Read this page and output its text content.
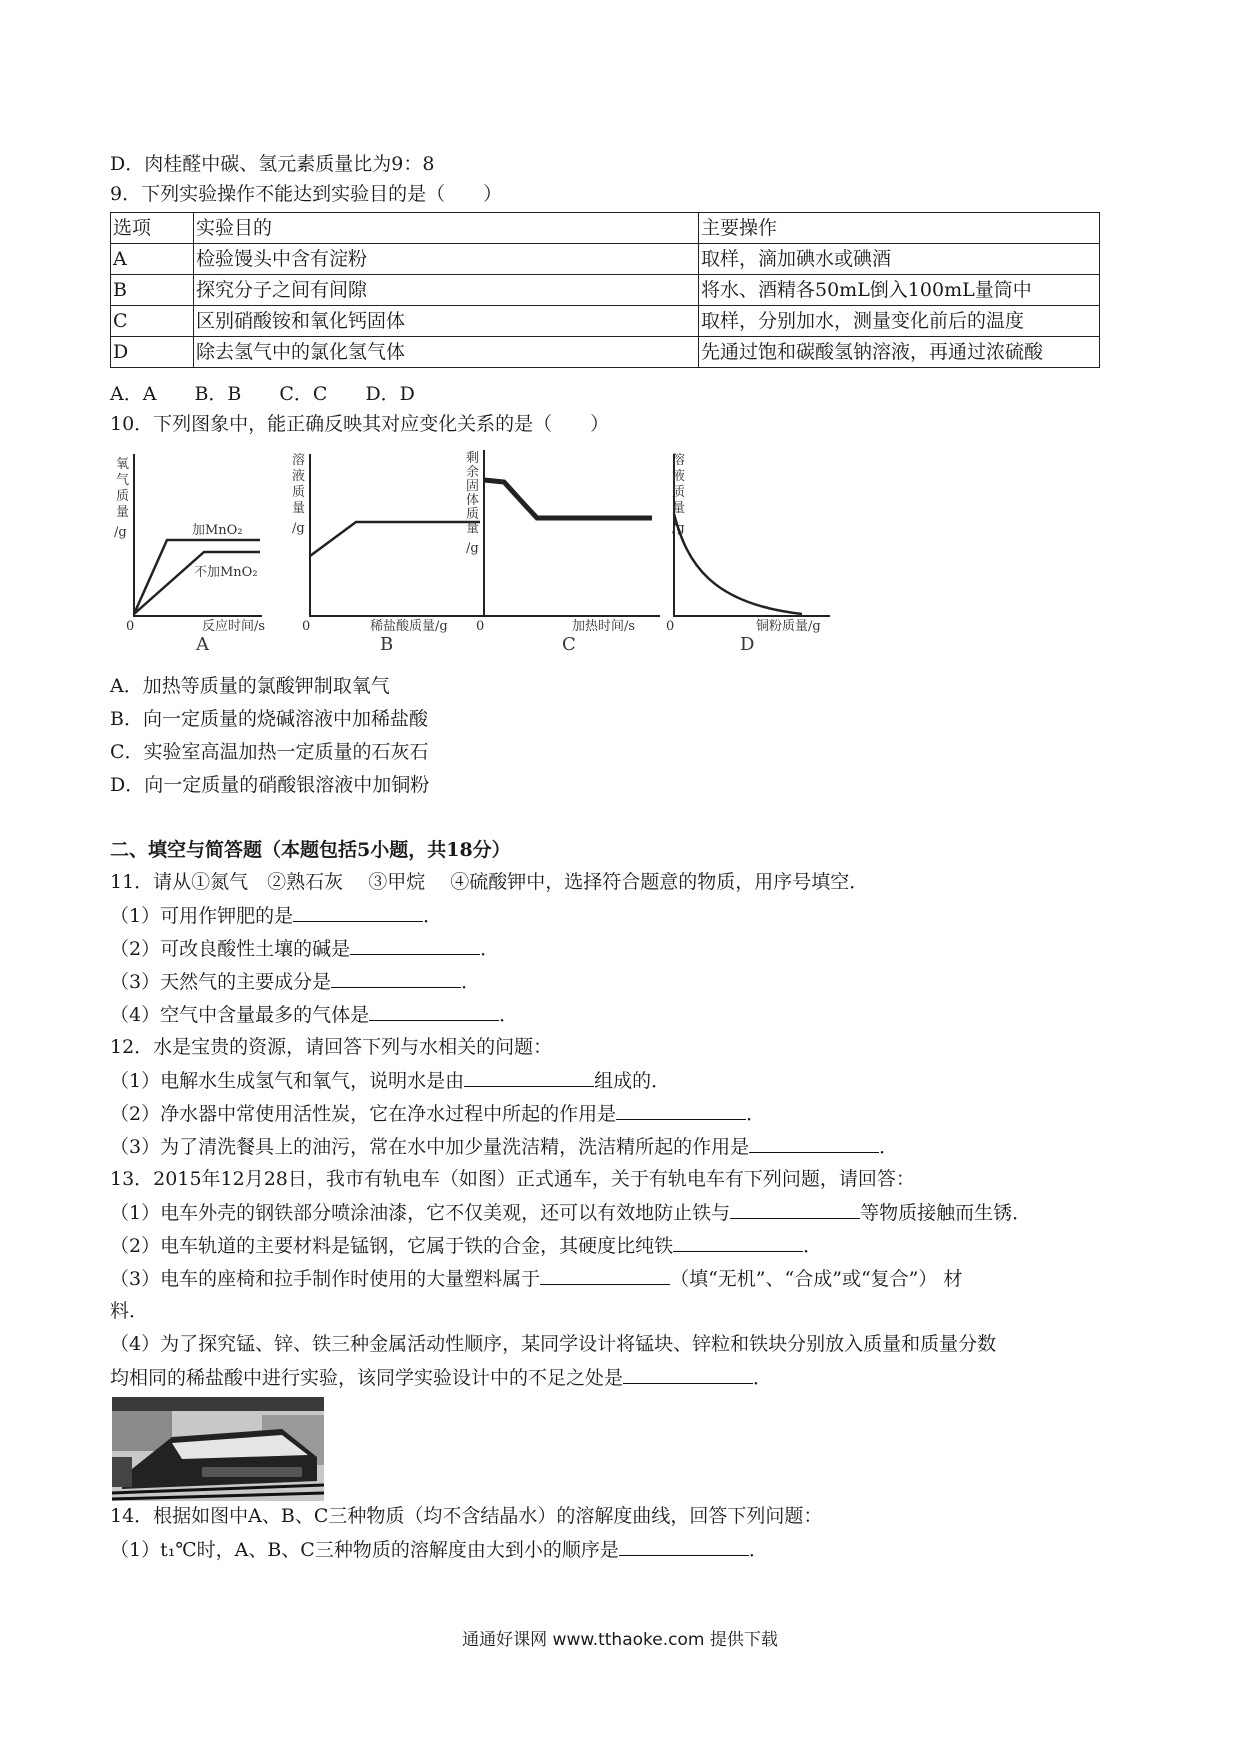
D．肉桂醛中碳、氢元素质量比为9：8
9．下列实验操作不能达到实验目的是（　　）
选项	实验目的	主要操作
A	检验馒头中含有淀粉	取样，滴加碘水或碘酒
B	探究分子之间有间隙	将水、酒精各50mL倒入100mL量筒中
C	区别硝酸铵和氧化钙固体	取样，分别加水，测量变化前后的温度
D	除去氢气中的氯化氢气体	先通过饱和碳酸氢钠溶液，再通过浓硫酸
A．A　　B．B　　C．C　　D．D
10．下列图象中，能正确反映其对应变化关系的是（　　）
氧
气
质
量
/g	加MnO₂
不加MnO₂
0	反应时间/s
A
溶
液
质
量
/g
0	稀盐酸质量/g
B
剩
余
固
体
质
量
/g
0	加热时间/s
C
溶
液
质
量
/g
0	铜粉质量/g
D
A．加热等质量的氯酸钾制取氧气
B．向一定质量的烧碱溶液中加稀盐酸
C．实验室高温加热一定质量的石灰石
D．向一定质量的硝酸银溶液中加铜粉
二、填空与简答题（本题包括5小题，共18分）
11．请从①氮气　②熟石灰　 ③甲烷　 ④硫酸钾中，选择符合题意的物质，用序号填空．
（1）可用作钾肥的是	．
（2）可改良酸性土壤的碱是	．
（3）天然气的主要成分是	．
（4）空气中含量最多的气体是	．
12．水是宝贵的资源，请回答下列与水相关的问题：
（1）电解水生成氢气和氧气，说明水是由	组成的．
（2）净水器中常使用活性炭，它在净水过程中所起的作用是	．
（3）为了清洗餐具上的油污，常在水中加少量洗洁精，洗洁精所起的作用是	．
13．2015年12月28日，我市有轨电车（如图）正式通车，关于有轨电车有下列问题，请回答：
（1）电车外壳的钢铁部分喷涂油漆，它不仅美观，还可以有效地防止铁与	等物质接触而生锈．
（2）电车轨道的主要材料是锰钢，它属于铁的合金，其硬度比纯铁	．
（3）电车的座椅和拉手制作时使用的大量塑料属于	（填“无机”、“合成”或“复合”） 材
料．
（4）为了探究锰、锌、铁三种金属活动性顺序，某同学设计将锰块、锌粒和铁块分别放入质量和质量分数
均相同的稀盐酸中进行实验，该同学实验设计中的不足之处是	．
14．根据如图中A、B、C三种物质（均不含结晶水）的溶解度曲线，回答下列问题：
（1）t₁℃时，A、B、C三种物质的溶解度由大到小的顺序是	．
通通好课网 www.tthaoke.com 提供下载
